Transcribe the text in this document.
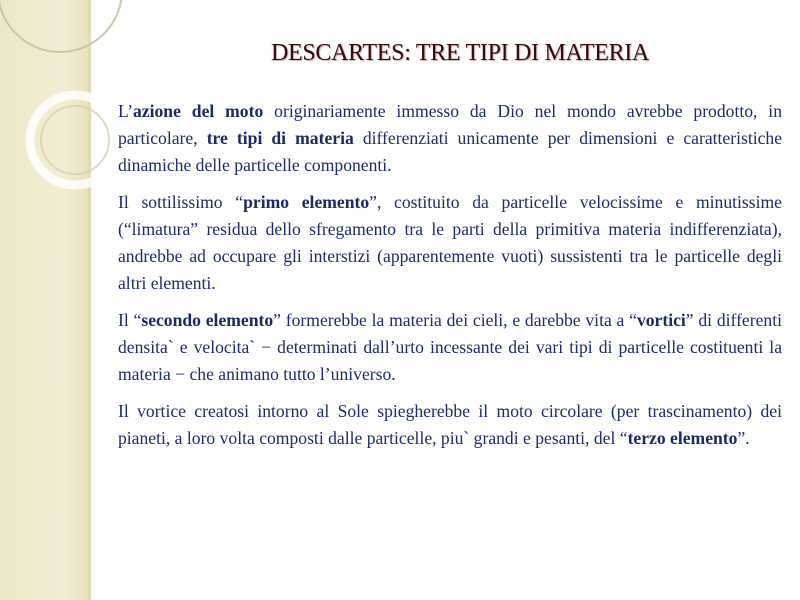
DESCARTES: TRE TIPI DI MATERIA

L’azione del moto originariamente immesso da Dio nel mondo avrebbe prodotto, in particolare, tre tipi di materia differenziati unicamente per dimensioni e caratteristiche dinamiche delle particelle componenti.

Il sottilissimo “primo elemento”, costituito da particelle velocissime e minutissime (“limatura” residua dello sfregamento tra le parti della primitiva materia indifferenziata), andrebbe ad occupare gli interstizi (apparentemente vuoti) sussistenti tra le particelle degli altri elementi.

Il “secondo elemento” formerebbe la materia dei cieli, e darebbe vita a “vortici” di differenti densita` e velocita` − determinati dall’urto incessante dei vari tipi di particelle costituenti la materia − che animano tutto l’universo.

Il vortice creatosi intorno al Sole spiegherebbe il moto circolare (per trascinamento) dei pianeti, a loro volta composti dalle particelle, piu` grandi e pesanti, del “terzo elemento”.
